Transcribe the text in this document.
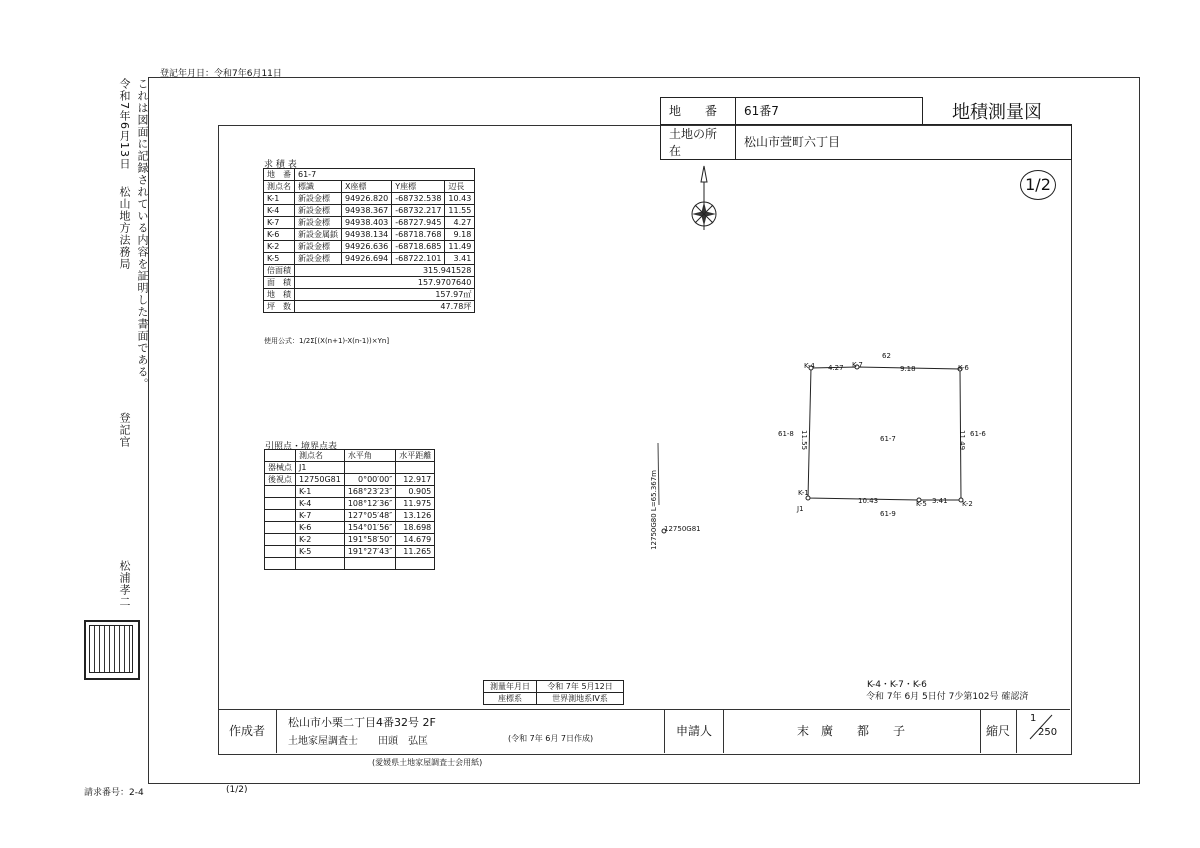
登記年月日：令和7年6月11日
これは図面に記録されている内容を証明した書面である。
令和7年6月13日
松山地方法務局
登記官
松浦孝二
地　　番	61番7	地積測量図
土地の所在	松山市萱町六丁目	
1/2
求 積 表
地　番	61-7			
測点名	標識	X座標	Y座標	辺長
K-1	新設金標	94926.820	-68732.538	10.43
K-4	新設金標	94938.367	-68732.217	11.55
K-7	新設金標	94938.403	-68727.945	4.27
K-6	新設金属鋲	94938.134	-68718.768	9.18
K-2	新設金標	94926.636	-68718.685	11.49
K-5	新設金標	94926.694	-68722.101	3.41
倍面積	315.941528			
面　積	157.9707640			
地　積	157.97㎡			
坪　数	47.78坪			
使用公式：1/2Σ[(X(n+1)-X(n-1))×Yn]
引照点・境界点表
	測点名	水平角	水平距離
器械点	J1		
後視点	12750G81	0°00′00″	12.917
	K-1	168°23′23″	0.905
	K-4	108°12′36″	11.975
	K-7	127°05′48″	13.126
	K-6	154°01′56″	18.698
	K-2	191°58′50″	14.679
	K-5	191°27′43″	11.265

K-4	K-7	K-6
K-1
K-5	K-2
J1
62
61-8	61-6
61-9
61-7
4.27	9.18
11.55	11.49
10.43	3.41
12750G81
12750G80 L=65.367m
測量年月日	令和 7年 5月12日
座標系	世界測地系IV系
K-4・K-7・K-6
令和 7年 6月 5日付 7少第102号 確認済
作成者
松山市小栗二丁目4番32号 2F
土地家屋調査士　　田頭　弘匡	(令和 7年 6月 7日作成)
申請人	末　廣　　都　　子	縮尺
1
250
(愛媛県土地家屋調査士会用紙)
請求番号：2-4	(1/2)
